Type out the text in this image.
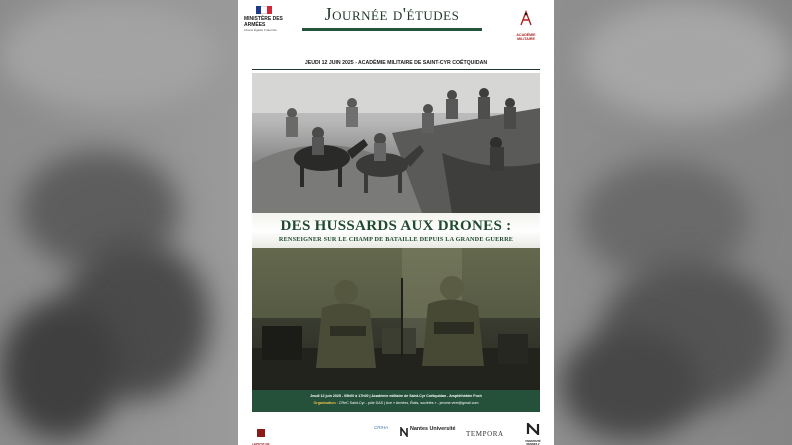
MINISTÈRE DES ARMÉES
Liberté Égalité Fraternité
Journée d'études
ACADÉMIE MILITAIRE
JEUDI 12 JUIN 2025 - ACADÉMIE MILITAIRE DE SAINT-CYR COËTQUIDAN
DES HUSSARDS AUX DRONES :
RENSEIGNER SUR LE CHAMP DE BATAILLE DEPUIS LA GRANDE GUERRE
Jeudi 12 juin 2025 - 09h00 à 17h00 | Académie militaire de Saint-Cyr Coëtquidan - Amphithéâtre Foch
Organisation : CReC Saint-Cyr - pôle DAS | Axe « Armées, États, sociétés » - jerome.viret@gmail.com
LEPETIT-DE
CRIHA	Nantes Université
TEMPORA
UNIVERSITÉ RENNES 2
